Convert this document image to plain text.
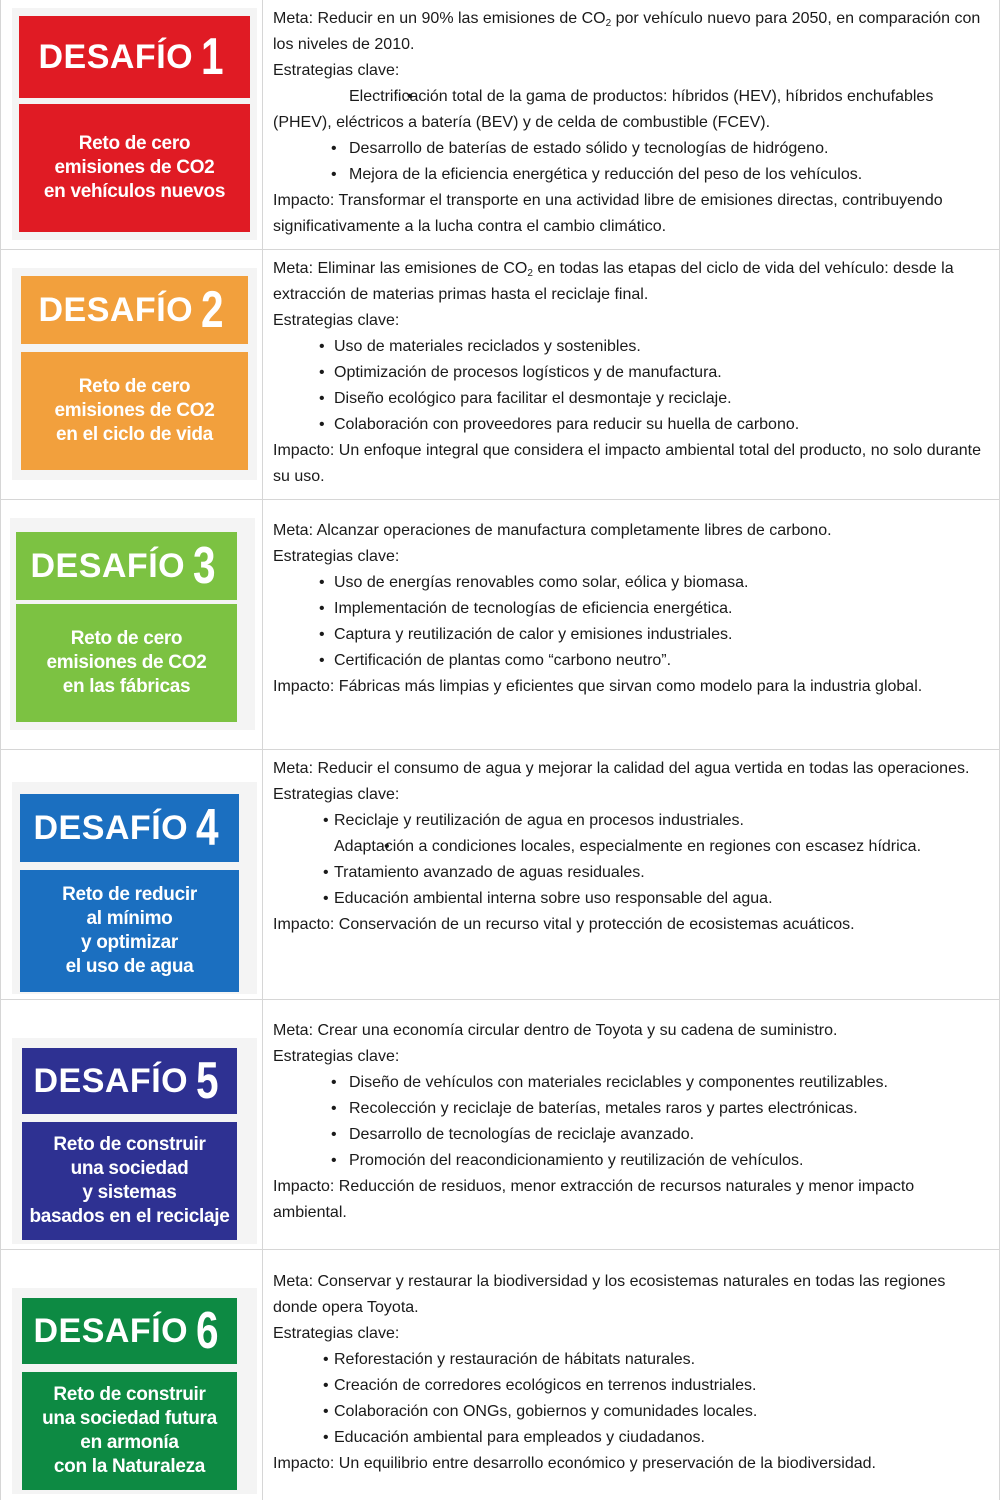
DESAFÍO 1
Reto de cero
emisiones de CO2
en vehículos nuevos

Meta: Reducir en un 90% las emisiones de $CO_2$ por vehículo nuevo para 2050, en comparación con los niveles de 2010.

Estrategias clave:

• Electrificación total de la gama de productos: híbridos (HEV), híbridos enchufables (PHEV), eléctricos a batería (BEV) y de celda de combustible (FCEV).
• Desarrollo de baterías de estado sólido y tecnologías de hidrógeno.
• Mejora de la eficiencia energética y reducción del peso de los vehículos.

Impacto: Transformar el transporte en una actividad libre de emisiones directas, contribuyendo significativamente a la lucha contra el cambio climático.

DESAFÍO 2
Reto de cero
emisiones de CO2
en el ciclo de vida

Meta: Eliminar las emisiones de $CO_2$ en todas las etapas del ciclo de vida del vehículo: desde la extracción de materias primas hasta el reciclaje final.

Estrategias clave:

• Uso de materiales reciclados y sostenibles.
• Optimización de procesos logísticos y de manufactura.
• Diseño ecológico para facilitar el desmontaje y reciclaje.
• Colaboración con proveedores para reducir su huella de carbono.

Impacto: Un enfoque integral que considera el impacto ambiental total del producto, no solo durante su uso.

DESAFÍO 3
Reto de cero
emisiones de CO2
en las fábricas

Meta: Alcanzar operaciones de manufactura completamente libres de carbono.

Estrategias clave:

• Uso de energías renovables como solar, eólica y biomasa.
• Implementación de tecnologías de eficiencia energética.
• Captura y reutilización de calor y emisiones industriales.
• Certificación de plantas como “carbono neutro”.

Impacto: Fábricas más limpias y eficientes que sirvan como modelo para la industria global.

DESAFÍO 4
Reto de reducir
al mínimo
y optimizar
el uso de agua

Meta: Reducir el consumo de agua y mejorar la calidad del agua vertida en todas las operaciones.

Estrategias clave:

• Reciclaje y reutilización de agua en procesos industriales.
• Adaptación a condiciones locales, especialmente en regiones con escasez hídrica.
• Tratamiento avanzado de aguas residuales.
• Educación ambiental interna sobre uso responsable del agua.

Impacto: Conservación de un recurso vital y protección de ecosistemas acuáticos.

DESAFÍO 5
Reto de construir
una sociedad
y sistemas
basados en el reciclaje

Meta: Crear una economía circular dentro de Toyota y su cadena de suministro.

Estrategias clave:

• Diseño de vehículos con materiales reciclables y componentes reutilizables.
• Recolección y reciclaje de baterías, metales raros y partes electrónicas.
• Desarrollo de tecnologías de reciclaje avanzado.
• Promoción del reacondicionamiento y reutilización de vehículos.

Impacto: Reducción de residuos, menor extracción de recursos naturales y menor impacto ambiental.

DESAFÍO 6
Reto de construir
una sociedad futura
en armonía
con la Naturaleza

Meta: Conservar y restaurar la biodiversidad y los ecosistemas naturales en todas las regiones donde opera Toyota.

Estrategias clave:

• Reforestación y restauración de hábitats naturales.
• Creación de corredores ecológicos en terrenos industriales.
• Colaboración con ONGs, gobiernos y comunidades locales.
• Educación ambiental para empleados y ciudadanos.

Impacto: Un equilibrio entre desarrollo económico y preservación de la biodiversidad.
